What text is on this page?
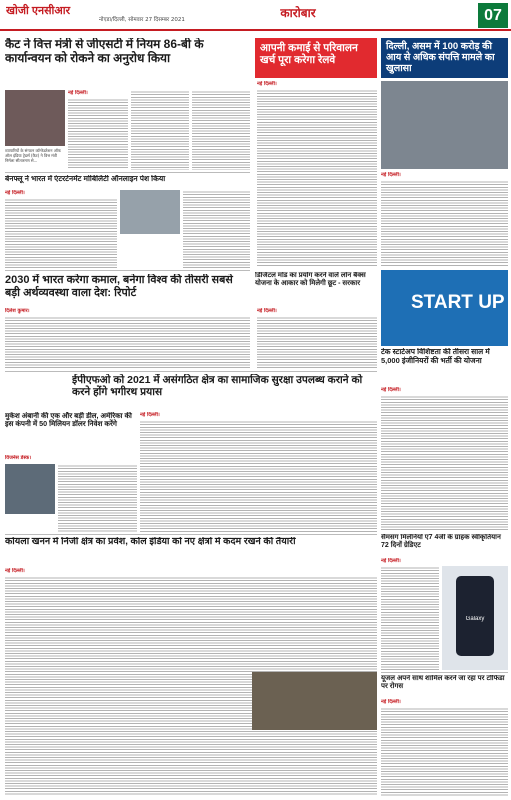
खोजी एनसीआर
नोएडा/दिल्ली, सोमवार 27 दिसम्बर 2021	कारोबार	07
कैट ने वित्त मंत्री से जीएसटी में नियम 86-बी के कार्यान्वयन को रोकने का अनुरोध किया
व्यापारियों के संगठन कॉन्फेडरेशन ऑफ ऑल इंडिया ट्रेडर्स (कैट) ने वित्त मंत्री निर्मला सीतारमण से...
नई दिल्ली।
आपनी कमाई से परिवालन खर्च पूरा करेगा रेलवे
नई दिल्ली।
दिल्ली, असम में 100 करोड़ की आय से अधिक संपत्ति मामले का खुलासा
नई दिल्ली।
बेनफ्लू ने भारत में एंटरटेनमेंट मोबिलिटी ऑनलाइन पेश किया
नई दिल्ली।
2030 में भारत करेगा कमाल, बनेगा विश्व की तीसरी सबसे बड़ी अर्थव्यवस्था वाला देश: रिपोर्ट
दिलेश कुमार।
डिजिटल मोड का प्रयोग करने वाले लोन बैंक्स योजना के आकार को मिलेगी छूट - सरकार
नई दिल्ली।	START UP
टेक स्टार्टअप विशिष्टता की तीसरा साल में 5,000 इंजीनियरों की भर्ती की योजना
नई दिल्ली।
ईपीएफओ को 2021 में असंगठित क्षेत्र का सामाजिक सुरक्षा उपलब्ध कराने को करने होंगे भगीरथ प्रयास
नई दिल्ली।
मुकेश अंबानी की एक और बड़ी डील, अमेरिका की इस कंपनी में 50 मिलियन डॉलर निवेश करेंगे
विजनेस डेस्क।
सैमसंग मिलेनियों ए7 4जी के ग्राहक स्वीकृतियान 72 दिनों ग्रेडिएट
नई दिल्ली।
Galaxy
कोयला खनन में निजी क्षेत्र का प्रवेश, कोल इंडिया को नए क्षेत्रों में कदम रखने की तैयारी
नई दिल्ली।
यूजल अपने साथ शामिल करने जा रहा पर टॉफिडा पर रोगस
नई दिल्ली।
